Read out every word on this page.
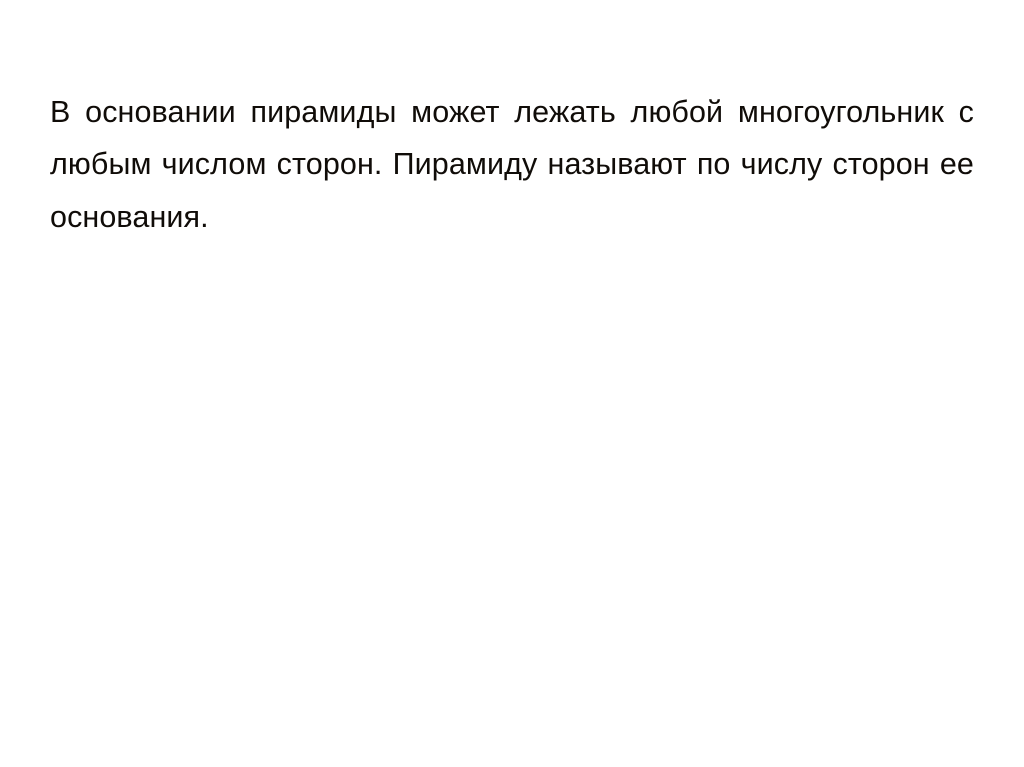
В основании пирамиды может лежать любой многоугольник с любым числом сторон. Пирамиду называют по числу сторон ее основания.
